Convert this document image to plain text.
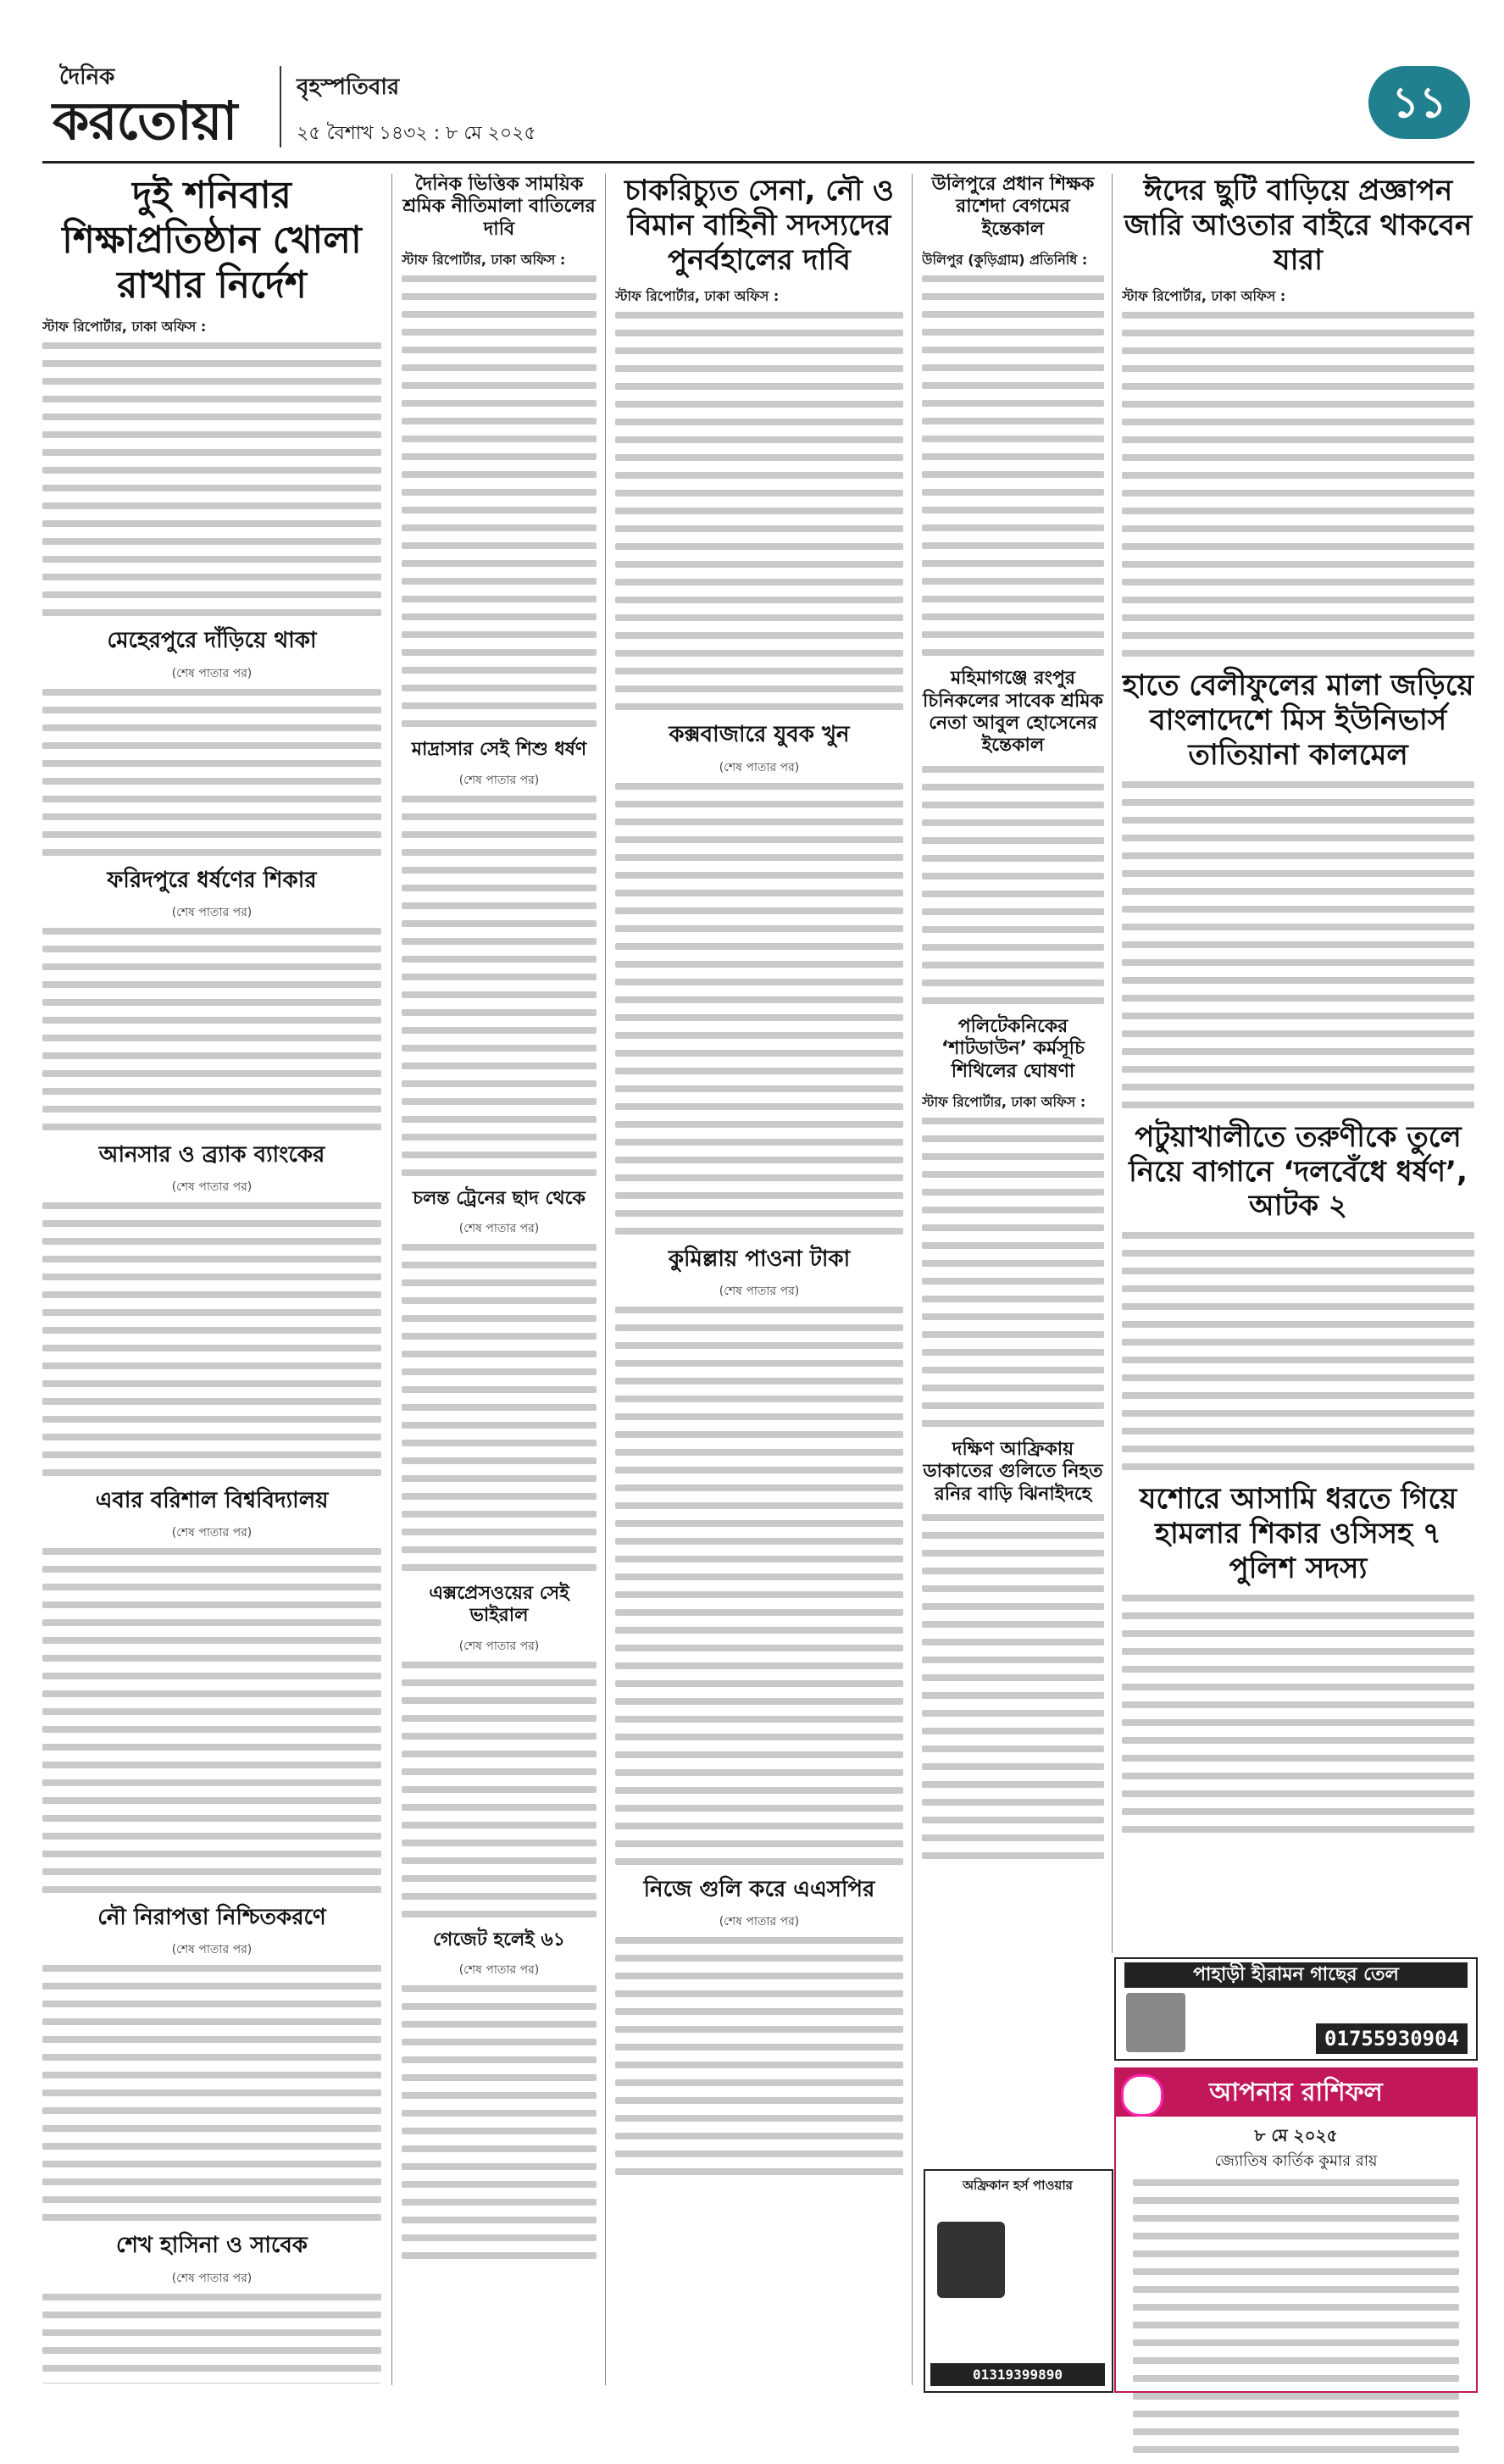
দৈনিক
করতোয়া
বৃহস্পতিবার
২৫ বৈশাখ ১৪৩২ : ৮ মে ২০২৫
১১
দুই শনিবার শিক্ষাপ্রতিষ্ঠান খোলা রাখার নির্দেশ
স্টাফ রিপোর্টার, ঢাকা অফিস :
মেহেরপুরে দাঁড়িয়ে থাকা
(শেষ পাতার পর)
ফরিদপুরে ধর্ষণের শিকার
(শেষ পাতার পর)
আনসার ও ব্র্যাক ব্যাংকের
(শেষ পাতার পর)
এবার বরিশাল বিশ্ববিদ্যালয়
(শেষ পাতার পর)
নৌ নিরাপত্তা নিশ্চিতকরণে
(শেষ পাতার পর)
শেখ হাসিনা ও সাবেক
(শেষ পাতার পর)
দৈনিক ভিত্তিক সাময়িক শ্রমিক নীতিমালা বাতিলের দাবি
স্টাফ রিপোর্টার, ঢাকা অফিস :
মাদ্রাসার সেই শিশু ধর্ষণ
(শেষ পাতার পর)
চলন্ত ট্রেনের ছাদ থেকে
(শেষ পাতার পর)
এক্সপ্রেসওয়ের সেই ভাইরাল
(শেষ পাতার পর)
গেজেট হলেই ৬১
(শেষ পাতার পর)
চাকরিচ্যুত সেনা, নৌ ও বিমান বাহিনী সদস্যদের পুনর্বহালের দাবি
স্টাফ রিপোর্টার, ঢাকা অফিস :
কক্সবাজারে যুবক খুন
(শেষ পাতার পর)
কুমিল্লায় পাওনা টাকা
(শেষ পাতার পর)
নিজে গুলি করে এএসপির
(শেষ পাতার পর)
উলিপুরে প্রধান শিক্ষক রাশেদা বেগমের ইন্তেকাল
উলিপুর (কুড়িগ্রাম) প্রতিনিধি :
মহিমাগঞ্জে রংপুর চিনিকলের সাবেক শ্রমিক নেতা আবুল হোসেনের ইন্তেকাল
পলিটেকনিকের ‘শাটডাউন’ কর্মসূচি শিথিলের ঘোষণা
স্টাফ রিপোর্টার, ঢাকা অফিস :
দক্ষিণ আফ্রিকায় ডাকাতের গুলিতে নিহত রনির বাড়ি ঝিনাইদহে
ঈদের ছুটি বাড়িয়ে প্রজ্ঞাপন জারি আওতার বাইরে থাকবেন যারা
স্টাফ রিপোর্টার, ঢাকা অফিস :
হাতে বেলীফুলের মালা জড়িয়ে বাংলাদেশে মিস ইউনিভার্স তাতিয়ানা কালমেল
পটুয়াখালীতে তরুণীকে তুলে নিয়ে বাগানে ‘দলবেঁধে ধর্ষণ’, আটক ২
যশোরে আসামি ধরতে গিয়ে হামলার শিকার ওসিসহ ৭ পুলিশ সদস্য
পাহাড়ী হীরামন গাছের তেল
01755930904
আপনার রাশিফল
৮ মে ২০২৫
জ্যোতিষ কার্তিক কুমার রায়
অফ্রিকান হর্স পাওয়ার
01319399890
